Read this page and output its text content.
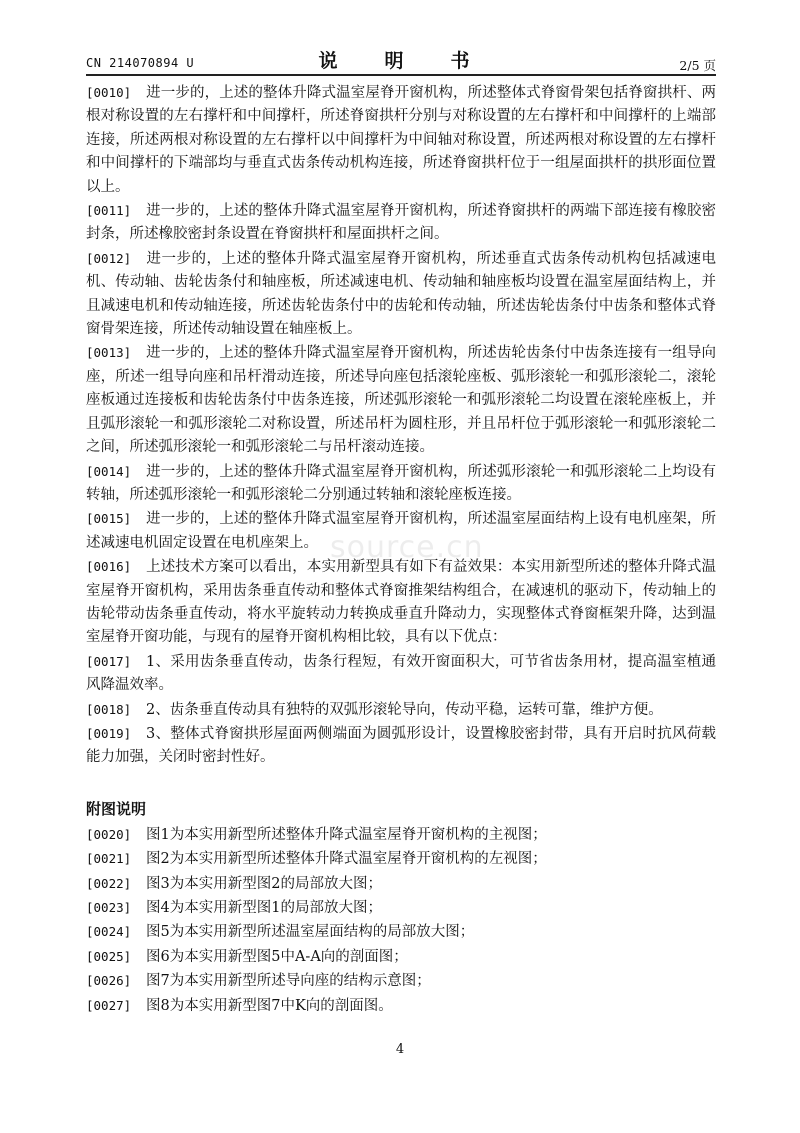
CN 214070894 U	说　明　书	2/5 页
source.cn

[0010] 进一步的，上述的整体升降式温室屋脊开窗机构，所述整体式脊窗骨架包括脊窗拱杆、两根对称设置的左右撑杆和中间撑杆，所述脊窗拱杆分别与对称设置的左右撑杆和中间撑杆的上端部连接，所述两根对称设置的左右撑杆以中间撑杆为中间轴对称设置，所述两根对称设置的左右撑杆和中间撑杆的下端部均与垂直式齿条传动机构连接，所述脊窗拱杆位于一组屋面拱杆的拱形面位置以上。

[0011] 进一步的，上述的整体升降式温室屋脊开窗机构，所述脊窗拱杆的两端下部连接有橡胶密封条，所述橡胶密封条设置在脊窗拱杆和屋面拱杆之间。

[0012] 进一步的，上述的整体升降式温室屋脊开窗机构，所述垂直式齿条传动机构包括减速电机、传动轴、齿轮齿条付和轴座板，所述减速电机、传动轴和轴座板均设置在温室屋面结构上，并且减速电机和传动轴连接，所述齿轮齿条付中的齿轮和传动轴，所述齿轮齿条付中齿条和整体式脊窗骨架连接，所述传动轴设置在轴座板上。

[0013] 进一步的，上述的整体升降式温室屋脊开窗机构，所述齿轮齿条付中齿条连接有一组导向座，所述一组导向座和吊杆滑动连接，所述导向座包括滚轮座板、弧形滚轮一和弧形滚轮二，滚轮座板通过连接板和齿轮齿条付中齿条连接，所述弧形滚轮一和弧形滚轮二均设置在滚轮座板上，并且弧形滚轮一和弧形滚轮二对称设置，所述吊杆为圆柱形，并且吊杆位于弧形滚轮一和弧形滚轮二之间，所述弧形滚轮一和弧形滚轮二与吊杆滚动连接。

[0014] 进一步的，上述的整体升降式温室屋脊开窗机构，所述弧形滚轮一和弧形滚轮二上均设有转轴，所述弧形滚轮一和弧形滚轮二分别通过转轴和滚轮座板连接。

[0015] 进一步的，上述的整体升降式温室屋脊开窗机构，所述温室屋面结构上设有电机座架，所述减速电机固定设置在电机座架上。

[0016] 上述技术方案可以看出，本实用新型具有如下有益效果：本实用新型所述的整体升降式温室屋脊开窗机构，采用齿条垂直传动和整体式脊窗推架结构组合，在减速机的驱动下，传动轴上的齿轮带动齿条垂直传动，将水平旋转动力转换成垂直升降动力，实现整体式脊窗框架升降，达到温室屋脊开窗功能，与现有的屋脊开窗机构相比较，具有以下优点：

[0017] 1、采用齿条垂直传动，齿条行程短，有效开窗面积大，可节省齿条用材，提高温室植通风降温效率。

[0018] 2、齿条垂直传动具有独特的双弧形滚轮导向，传动平稳，运转可靠，维护方便。

[0019] 3、整体式脊窗拱形屋面两侧端面为圆弧形设计，设置橡胶密封带，具有开启时抗风荷载能力加强，关闭时密封性好。

附图说明

[0020] 图1为本实用新型所述整体升降式温室屋脊开窗机构的主视图；

[0021] 图2为本实用新型所述整体升降式温室屋脊开窗机构的左视图；

[0022] 图3为本实用新型图2的局部放大图；

[0023] 图4为本实用新型图1的局部放大图；

[0024] 图5为本实用新型所述温室屋面结构的局部放大图；

[0025] 图6为本实用新型图5中A-A向的剖面图；

[0026] 图7为本实用新型所述导向座的结构示意图；

[0027] 图8为本实用新型图7中K向的剖面图。

4
